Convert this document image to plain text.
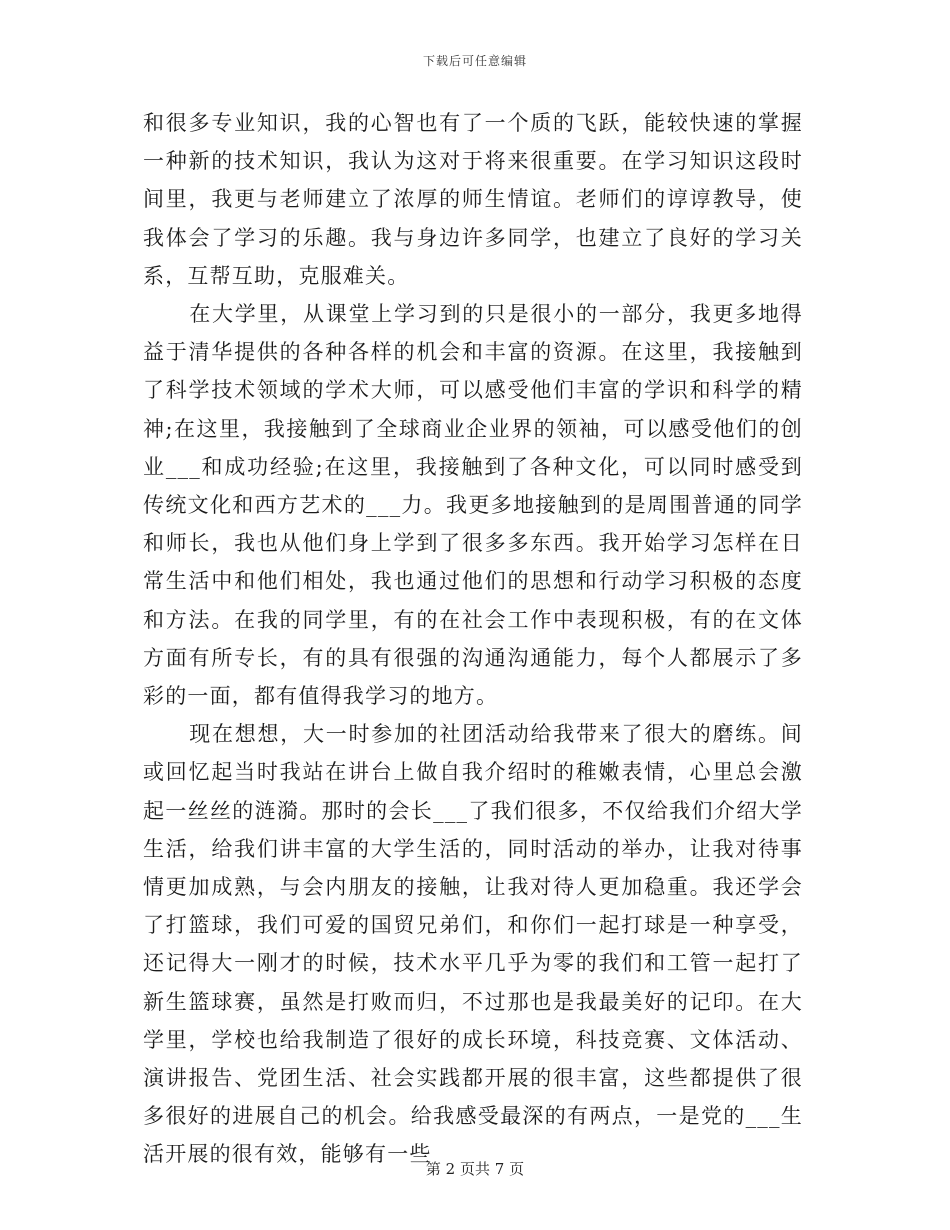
下载后可任意编辑

和很多专业知识，我的心智也有了一个质的飞跃，能较快速的掌握一种新的技术知识，我认为这对于将来很重要。在学习知识这段时间里，我更与老师建立了浓厚的师生情谊。老师们的谆谆教导，使我体会了学习的乐趣。我与身边许多同学，也建立了良好的学习关系，互帮互助，克服难关。

在大学里，从课堂上学习到的只是很小的一部分，我更多地得益于清华提供的各种各样的机会和丰富的资源。在这里，我接触到了科学技术领域的学术大师，可以感受他们丰富的学识和科学的精神;在这里，我接触到了全球商业企业界的领袖，可以感受他们的创业___和成功经验;在这里，我接触到了各种文化，可以同时感受到传统文化和西方艺术的___力。我更多地接触到的是周围普通的同学和师长，我也从他们身上学到了很多多东西。我开始学习怎样在日常生活中和他们相处，我也通过他们的思想和行动学习积极的态度和方法。在我的同学里，有的在社会工作中表现积极，有的在文体方面有所专长，有的具有很强的沟通沟通能力，每个人都展示了多彩的一面，都有值得我学习的地方。

现在想想，大一时参加的社团活动给我带来了很大的磨练。间或回忆起当时我站在讲台上做自我介绍时的稚嫩表情，心里总会激起一丝丝的涟漪。那时的会长___了我们很多，不仅给我们介绍大学生活，给我们讲丰富的大学生活的，同时活动的举办，让我对待事情更加成熟，与会内朋友的接触，让我对待人更加稳重。我还学会了打篮球，我们可爱的国贸兄弟们，和你们一起打球是一种享受，还记得大一刚才的时候，技术水平几乎为零的我们和工管一起打了新生篮球赛，虽然是打败而归，不过那也是我最美好的记印。在大学里，学校也给我制造了很好的成长环境，科技竞赛、文体活动、演讲报告、党团生活、社会实践都开展的很丰富，这些都提供了很多很好的进展自己的机会。给我感受最深的有两点，一是党的___生活开展的很有效，能够有一些

第 2 页共 7 页
